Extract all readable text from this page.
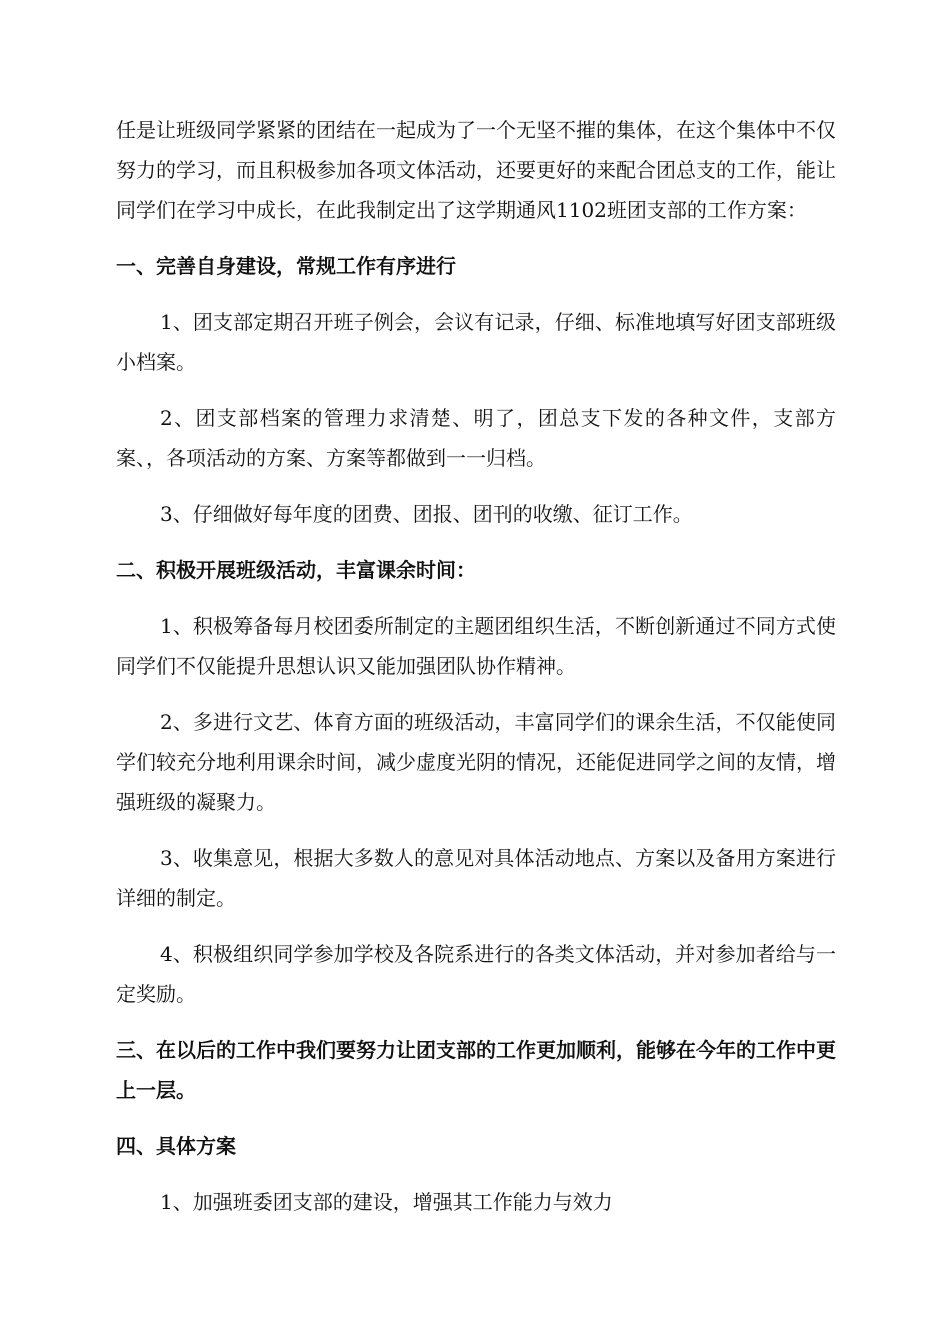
任是让班级同学紧紧的团结在一起成为了一个无坚不摧的集体，在这个集体中不仅努力的学习，而且积极参加各项文体活动，还要更好的来配合团总支的工作，能让同学们在学习中成长，在此我制定出了这学期通风1102班团支部的工作方案：

一、完善自身建设，常规工作有序进行

1、团支部定期召开班子例会，会议有记录，仔细、标准地填写好团支部班级小档案。

2、团支部档案的管理力求清楚、明了，团总支下发的各种文件，支部方案、，各项活动的方案、方案等都做到一一归档。

3、仔细做好每年度的团费、团报、团刊的收缴、征订工作。

二、积极开展班级活动，丰富课余时间：

1、积极筹备每月校团委所制定的主题团组织生活，不断创新通过不同方式使同学们不仅能提升思想认识又能加强团队协作精神。

2、多进行文艺、体育方面的班级活动，丰富同学们的课余生活，不仅能使同学们较充分地利用课余时间，减少虚度光阴的情况，还能促进同学之间的友情，增强班级的凝聚力。

3、收集意见，根据大多数人的意见对具体活动地点、方案以及备用方案进行详细的制定。

4、积极组织同学参加学校及各院系进行的各类文体活动，并对参加者给与一定奖励。

三、在以后的工作中我们要努力让团支部的工作更加顺利，能够在今年的工作中更上一层。

四、具体方案

1、加强班委团支部的建设，增强其工作能力与效力
